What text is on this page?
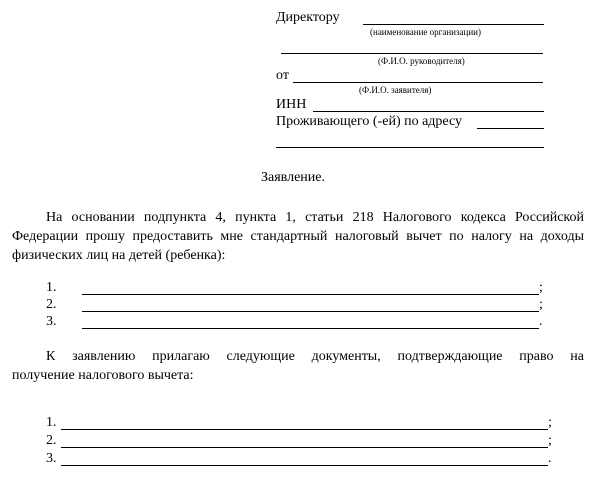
Директору
(наименование организации)
(Ф.И.О. руководителя)
от
(Ф.И.О. заявителя)
ИНН
Проживающего (-ей) по адресу
Заявление.
На основании подпункта 4, пункта 1, статьи 218 Налогового кодекса Российской
Федерации прошу предоставить мне стандартный налоговый вычет по налогу на доходы
физических лиц на детей (ребенка):
1.	;
2.	;
3.	.
К заявлению прилагаю следующие документы, подтверждающие право на
получение налогового вычета:
1.	;
2.	;
3.	.
